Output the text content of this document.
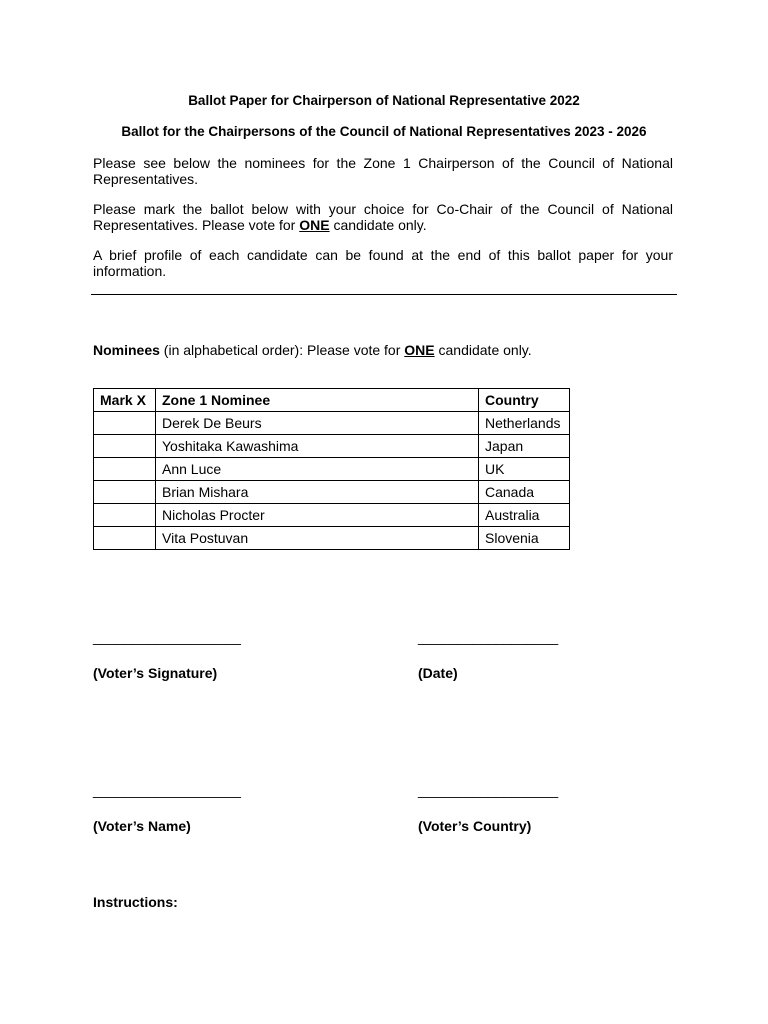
Ballot Paper for Chairperson of National Representative 2022
Ballot for the Chairpersons of the Council of National Representatives 2023 - 2026
Please see below the nominees for the Zone 1 Chairperson of the Council of National Representatives.
Please mark the ballot below with your choice for Co-Chair of the Council of National Representatives. Please vote for ONE candidate only.
A brief profile of each candidate can be found at the end of this ballot paper for your information.
Nominees (in alphabetical order): Please vote for ONE candidate only.
Mark X	Zone 1 Nominee	Country
	Derek De Beurs	Netherlands
	Yoshitaka Kawashima	Japan
	Ann Luce	UK
	Brian Mishara	Canada
	Nicholas Procter	Australia
	Vita Postuvan	Slovenia
___________________	__________________
(Voter’s Signature)	(Date)
___________________	__________________
(Voter’s Name)	(Voter’s Country)
Instructions:
